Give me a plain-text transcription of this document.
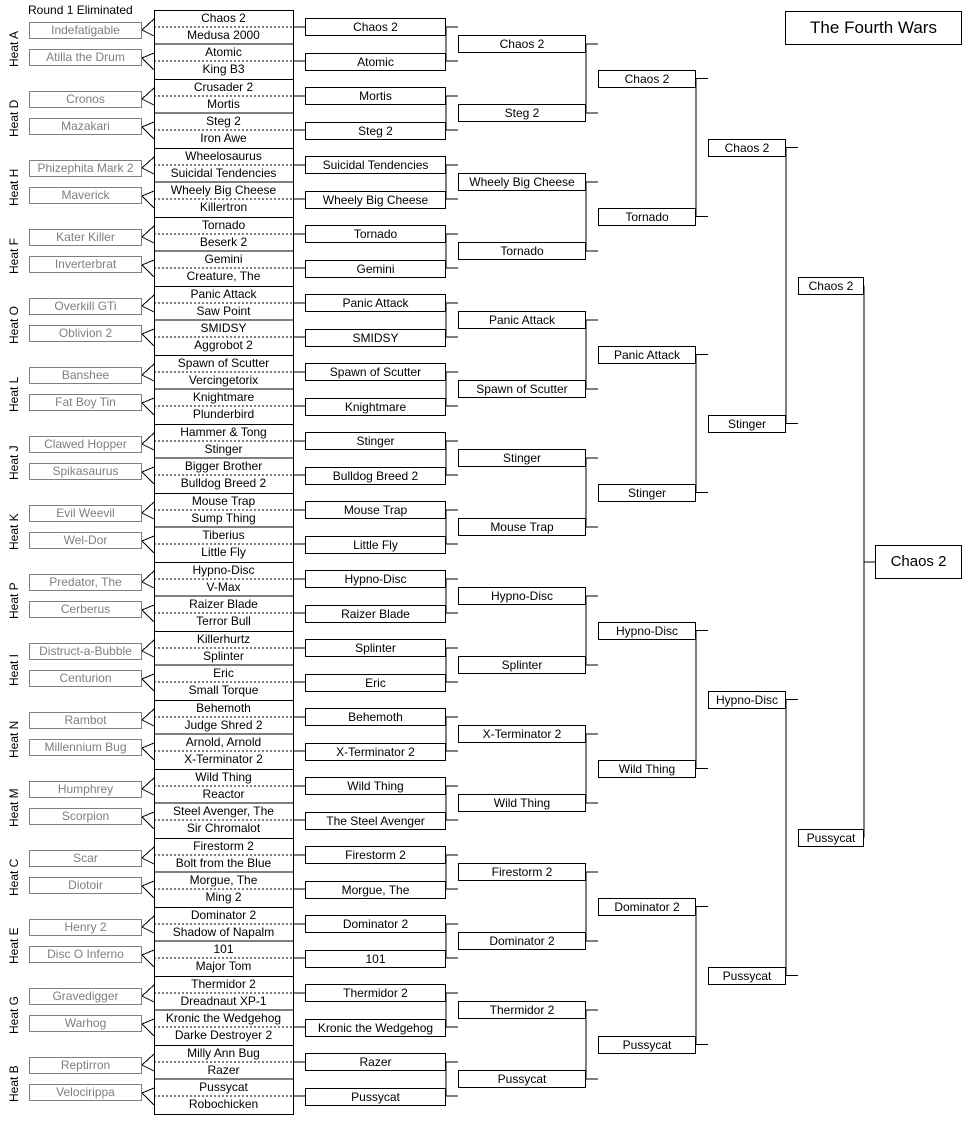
Round 1 Eliminated
The Fourth Wars
Heat A
Indefatigable
Atilla the Drum
Chaos 2
Medusa 2000
Atomic
King B3
Chaos 2
Atomic
Heat D
Cronos
Mazakari
Crusader 2
Mortis
Steg 2
Iron Awe
Mortis
Steg 2
Heat H
Phizephita Mark 2
Maverick
Wheelosaurus
Suicidal Tendencies
Wheely Big Cheese
Killertron
Suicidal Tendencies
Wheely Big Cheese
Heat F
Kater Killer
Inverterbrat
Tornado
Beserk 2
Gemini
Creature, The
Tornado
Gemini
Heat O	Overkill GTi
Oblivion 2
Panic Attack
Saw Point
SMIDSY
Aggrobot 2
Panic Attack
SMIDSY
Heat L
Banshee
Fat Boy Tin
Spawn of Scutter
Vercingetorix
Knightmare
Plunderbird
Spawn of Scutter
Knightmare
Heat J
Clawed Hopper
Spikasaurus
Hammer & Tong
Stinger
Bigger Brother
Bulldog Breed 2
Stinger
Bulldog Breed 2
Heat K
Evil Weevil
Wel-Dor
Mouse Trap
Sump Thing
Tiberius
Little Fly
Mouse Trap
Little Fly
Heat P
Predator, The
Cerberus
Hypno-Disc
V-Max
Raizer Blade
Terror Bull
Hypno-Disc
Raizer Blade
Heat I
Distruct-a-Bubble
Centurion
Killerhurtz
Splinter
Eric
Small Torque
Splinter
Eric
Heat N
Rambot
Millennium Bug
Behemoth
Judge Shred 2
Arnold, Arnold
X-Terminator 2
Behemoth
X-Terminator 2
Heat M	Humphrey
Scorpion
Wild Thing
Reactor
Steel Avenger, The
Sir Chromalot
Wild Thing
The Steel Avenger
Heat C
Scar
Diotoir
Firestorm 2
Bolt from the Blue
Morgue, The
Ming 2
Firestorm 2
Morgue, The
Heat E
Henry 2
Disc O Inferno
Dominator 2
Shadow of Napalm
101
Major Tom
Dominator 2
101
Heat G	Gravedigger
Warhog
Thermidor 2
Dreadnaut XP-1
Kronic the Wedgehog
Darke Destroyer 2
Thermidor 2
Kronic the Wedgehog
Heat B
Reptirron
Velocirippa
Milly Ann Bug
Razer
Pussycat
Robochicken
Razer
Pussycat
Chaos 2
Steg 2
Chaos 2
Wheely Big Cheese
Tornado
Tornado
Panic Attack
Spawn of Scutter
Panic Attack
Stinger
Mouse Trap
Stinger
Hypno-Disc
Splinter
Hypno-Disc
X-Terminator 2
Wild Thing
Wild Thing
Firestorm 2
Dominator 2
Dominator 2
Thermidor 2
Pussycat
Pussycat
Chaos 2
Stinger
Hypno-Disc
Pussycat
Chaos 2
Pussycat
Chaos 2
